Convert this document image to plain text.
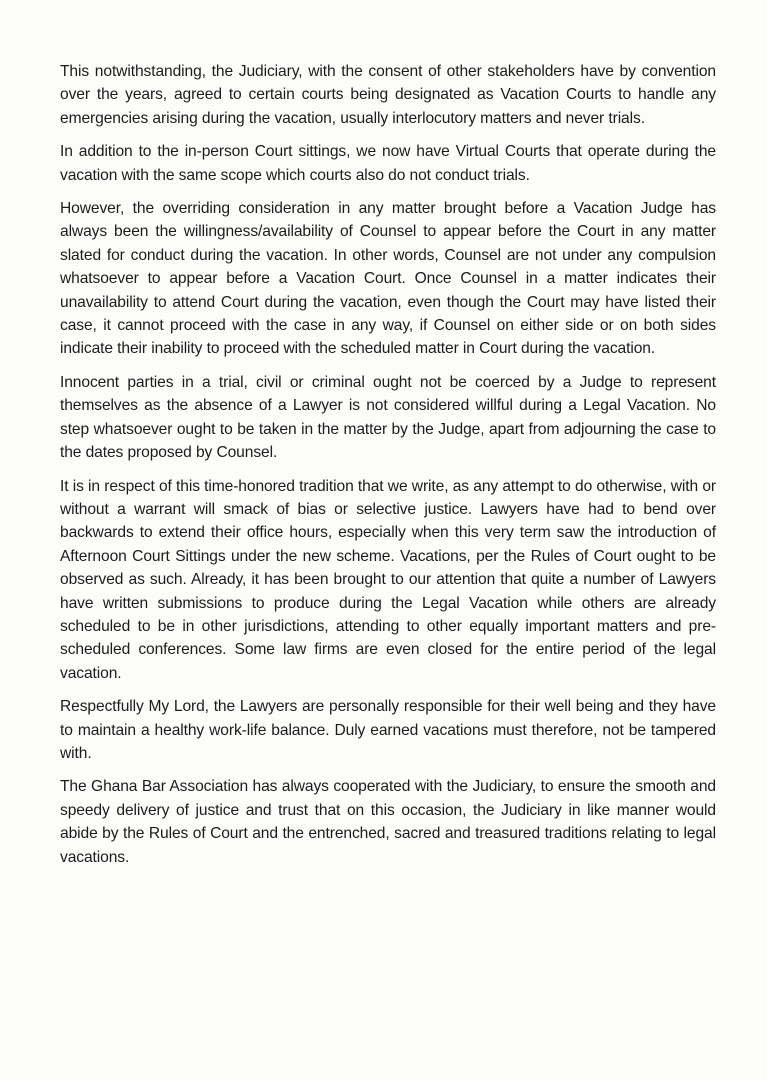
This notwithstanding, the Judiciary, with the consent of other stakeholders have by convention over the years, agreed to certain courts being designated as Vacation Courts to handle any emergencies arising during the vacation, usually interlocutory matters and never trials.

In addition to the in-person Court sittings, we now have Virtual Courts that operate during the vacation with the same scope which courts also do not conduct trials.

However, the overriding consideration in any matter brought before a Vacation Judge has always been the willingness/availability of Counsel to appear before the Court in any matter slated for conduct during the vacation. In other words, Counsel are not under any compulsion whatsoever to appear before a Vacation Court. Once Counsel in a matter indicates their unavailability to attend Court during the vacation, even though the Court may have listed their case, it cannot proceed with the case in any way, if Counsel on either side or on both sides indicate their inability to proceed with the scheduled matter in Court during the vacation.

Innocent parties in a trial, civil or criminal ought not be coerced by a Judge to represent themselves as the absence of a Lawyer is not considered willful during a Legal Vacation. No step whatsoever ought to be taken in the matter by the Judge, apart from adjourning the case to the dates proposed by Counsel.

It is in respect of this time-honored tradition that we write, as any attempt to do otherwise, with or without a warrant will smack of bias or selective justice. Lawyers have had to bend over backwards to extend their office hours, especially when this very term saw the introduction of Afternoon Court Sittings under the new scheme. Vacations, per the Rules of Court ought to be observed as such. Already, it has been brought to our attention that quite a number of Lawyers have written submissions to produce during the Legal Vacation while others are already scheduled to be in other jurisdictions, attending to other equally important matters and pre-scheduled conferences. Some law firms are even closed for the entire period of the legal vacation.

Respectfully My Lord, the Lawyers are personally responsible for their well being and they have to maintain a healthy work-life balance. Duly earned vacations must therefore, not be tampered with.

The Ghana Bar Association has always cooperated with the Judiciary, to ensure the smooth and speedy delivery of justice and trust that on this occasion, the Judiciary in like manner would abide by the Rules of Court and the entrenched, sacred and treasured traditions relating to legal vacations.
